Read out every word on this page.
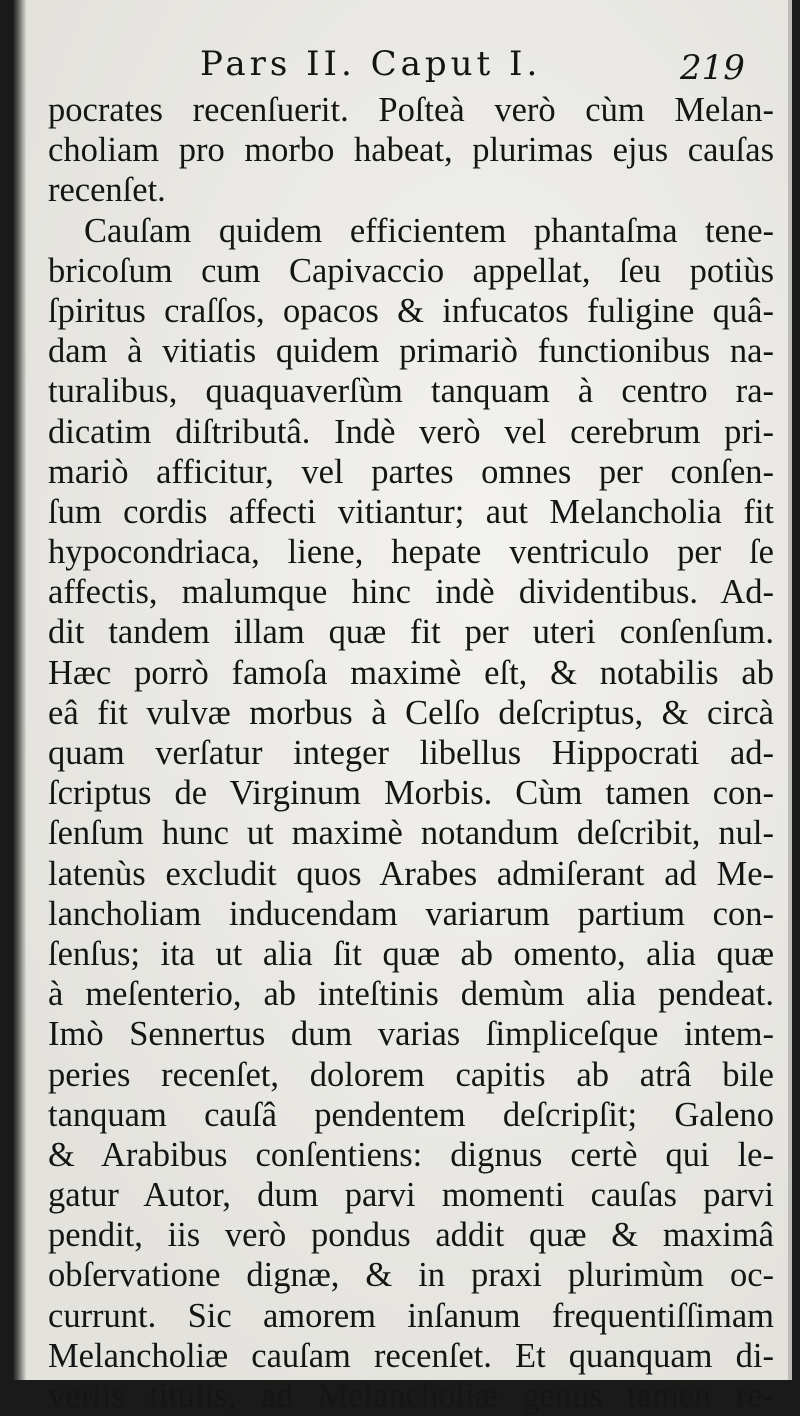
Pars II. Caput I.	219
pocrates recenſuerit. Poſteà verò cùm Melan-
choliam pro morbo habeat, plurimas ejus cauſas
recenſet.
Cauſam quidem efficientem phantaſma tene-
bricoſum cum Capivaccio appellat, ſeu potiùs
ſpiritus craſſos, opacos & infucatos fuligine quâ-
dam à vitiatis quidem primariò functionibus na-
turalibus, quaquaverſùm tanquam à centro ra-
dicatim diſtributâ. Indè verò vel cerebrum pri-
mariò afficitur, vel partes omnes per conſen-
ſum cordis affecti vitiantur; aut Melancholia fit
hypocondriaca, liene, hepate ventriculo per ſe
affectis, malumque hinc indè dividentibus. Ad-
dit tandem illam quæ fit per uteri conſenſum.
Hæc porrò famoſa maximè eſt, & notabilis ab
eâ fit vulvæ morbus à Celſo deſcriptus, & circà
quam verſatur integer libellus Hippocrati ad-
ſcriptus de Virginum Morbis. Cùm tamen con-
ſenſum hunc ut maximè notandum deſcribit, nul-
latenùs excludit quos Arabes admiſerant ad Me-
lancholiam inducendam variarum partium con-
ſenſus; ita ut alia ſit quæ ab omento, alia quæ
à meſenterio, ab inteſtinis demùm alia pendeat.
Imò Sennertus dum varias ſimpliceſque intem-
peries recenſet, dolorem capitis ab atrâ bile
tanquam cauſâ pendentem deſcripſit; Galeno
& Arabibus conſentiens: dignus certè qui le-
gatur Autor, dum parvi momenti cauſas parvi
pendit, iis verò pondus addit quæ & maximâ
obſervatione dignæ, & in praxi plurimùm oc-
currunt. Sic amorem inſanum frequentiſſimam
Melancholiæ cauſam recenſet. Et quanquam di-
verſis titulis, ad Melancholiæ genus tamen re-
